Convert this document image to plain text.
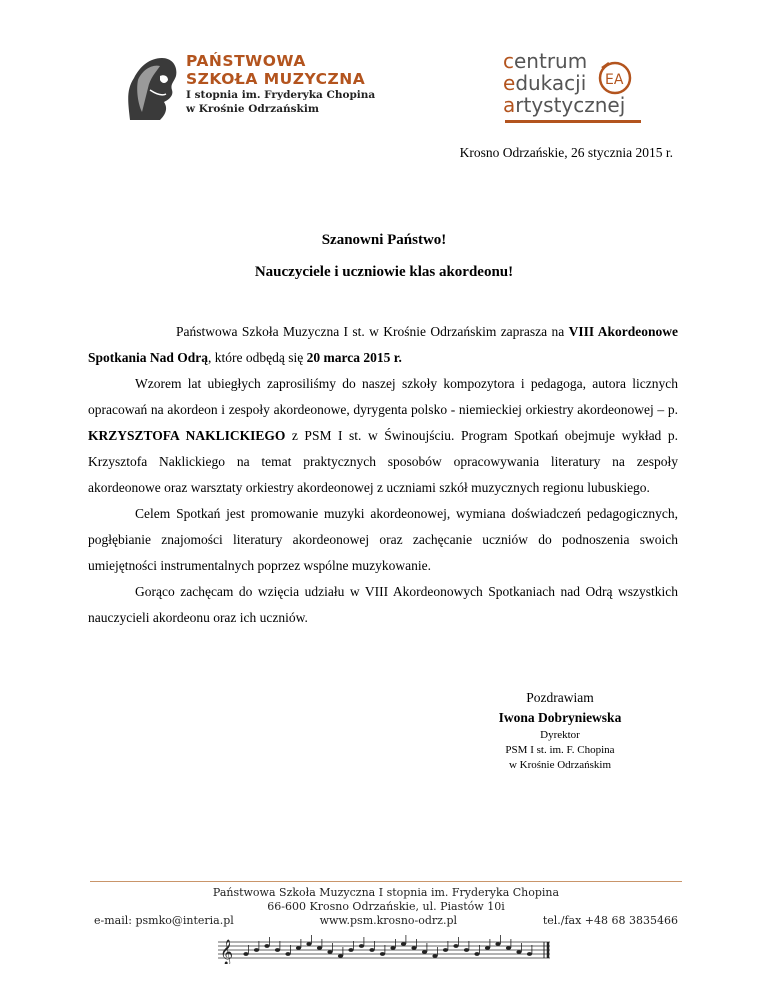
PAŃSTWOWA
SZKOŁA MUZYCZNA
I stopnia im. Fryderyka Chopina
w Krośnie Odrzańskim
centrum
edukacji
artystycznej
EA
Krosno Odrzańskie, 26 stycznia 2015 r.
Szanowni Państwo!
Nauczyciele i uczniowie klas akordeonu!

Państwowa Szkoła Muzyczna I st. w Krośnie Odrzańskim zaprasza na VIII Akordeonowe Spotkania Nad Odrą, które odbędą się 20 marca 2015 r.

Wzorem lat ubiegłych zaprosiliśmy do naszej szkoły kompozytora i pedagoga, autora licznych opracowań na akordeon i zespoły akordeonowe, dyrygenta polsko - niemieckiej orkiestry akordeonowej – p. KRZYSZTOFA NAKLICKIEGO z PSM I st. w Świnoujściu. Program Spotkań obejmuje wykład p. Krzysztofa Naklickiego na temat praktycznych sposobów opracowywania literatury na zespoły akordeonowe oraz warsztaty orkiestry akordeonowej z uczniami szkół muzycznych regionu lubuskiego.

Celem Spotkań jest promowanie muzyki akordeonowej, wymiana doświadczeń pedagogicznych, pogłębianie znajomości literatury akordeonowej oraz zachęcanie uczniów do podnoszenia swoich umiejętności instrumentalnych poprzez wspólne muzykowanie.

Gorąco zachęcam do wzięcia udziału w VIII Akordeonowych Spotkaniach nad Odrą wszystkich nauczycieli akordeonu oraz ich uczniów.

Pozdrawiam
Iwona Dobryniewska
Dyrektor
PSM I st. im. F. Chopina
w Krośnie Odrzańskim
Państwowa Szkoła Muzyczna I stopnia im. Fryderyka Chopina
66-600 Krosno Odrzańskie, ul. Piastów 10i
e-mail: psmko@interia.pl	www.psm.krosno-odrz.pl	tel./fax +48 68 3835466
𝄞
